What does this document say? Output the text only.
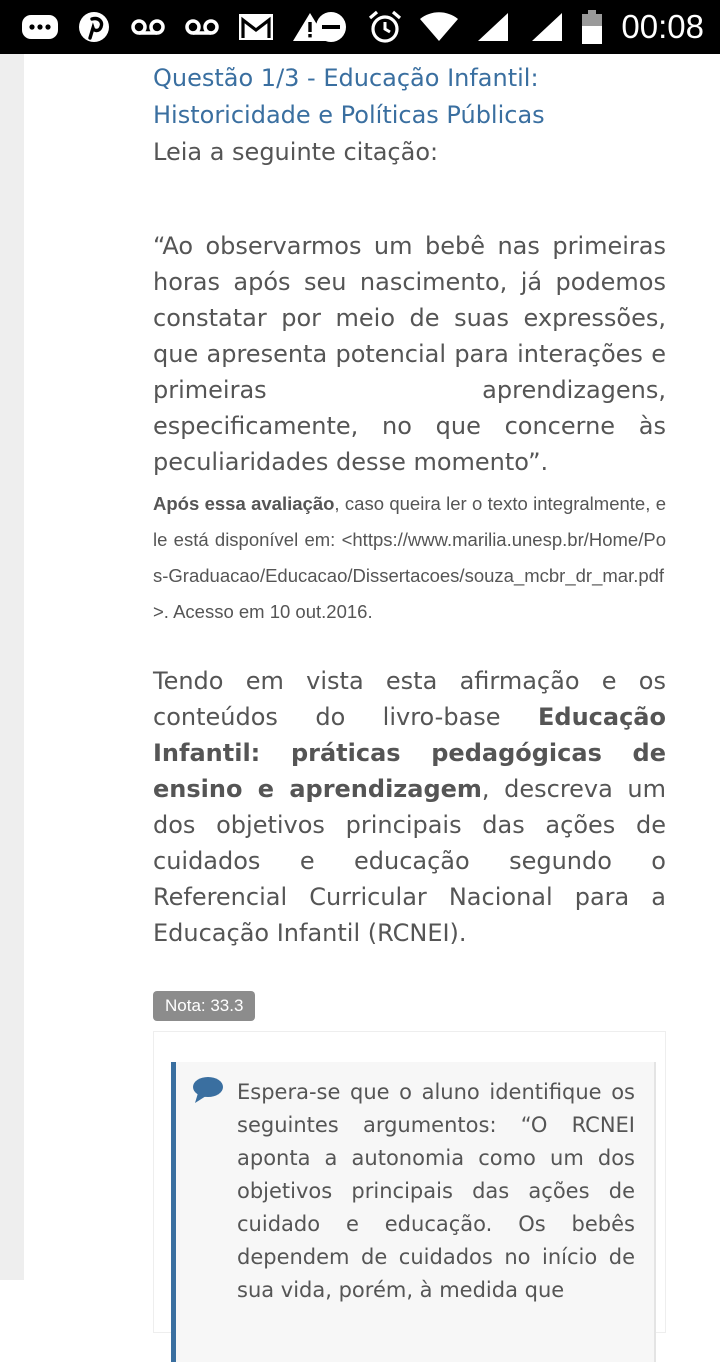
00:08

Questão 1/3 - Educação Infantil: Historicidade e Políticas Públicas

Leia a seguinte citação:

“Ao observarmos um bebê nas primeiras horas após seu nascimento, já podemos constatar por meio de suas expressões, que apresenta potencial para interações e primeiras aprendizagens, especificamente, no que concerne às peculiaridades desse momento”.

Após essa avaliação, caso queira ler o texto integralmente, ele está disponível em: <https://www.marilia.unesp.br/Home/Pos-Graduacao/Educacao/Dissertacoes/souza_mcbr_dr_mar.pdf>. Acesso em 10 out.2016.

Tendo em vista esta afirmação e os conteúdos do livro-base Educação Infantil: práticas pedagógicas de ensino e aprendizagem, descreva um dos objetivos principais das ações de cuidados e educação segundo o Referencial Curricular Nacional para a Educação Infantil (RCNEI).

Nota: 33.3

Espera-se que o aluno identifique os seguintes argumentos: “O RCNEI aponta a autonomia como um dos objetivos principais das ações de cuidado e educação. Os bebês dependem de cuidados no início de sua vida, porém, à medida que
